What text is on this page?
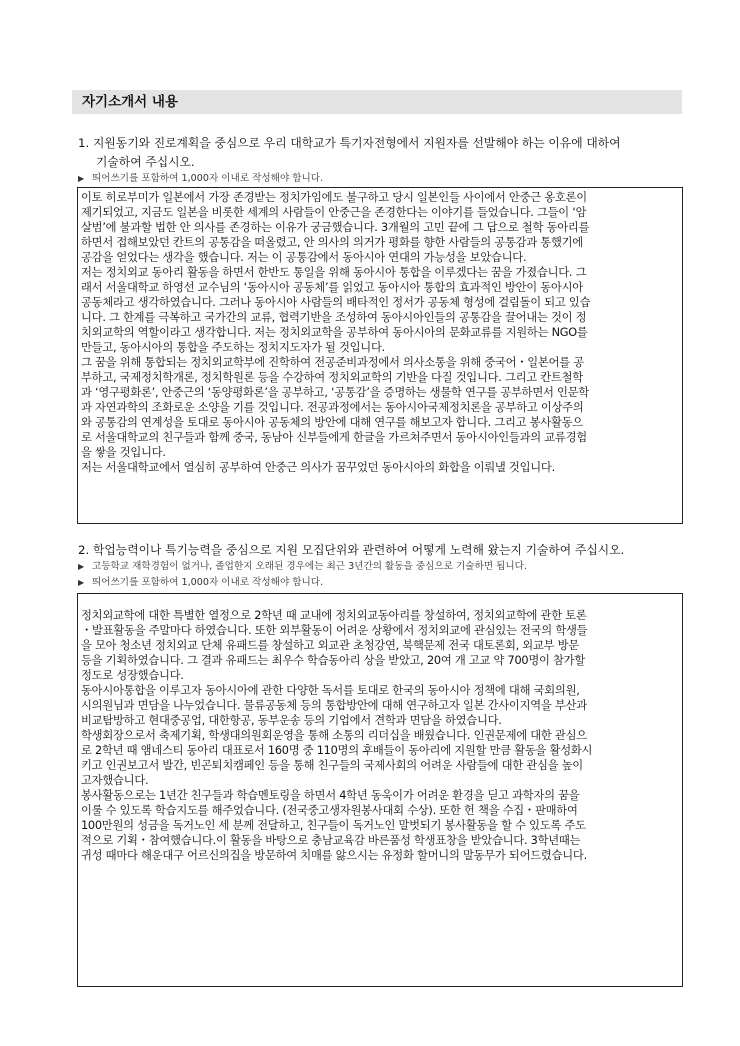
자기소개서 내용
1. 지원동기와 진로계획을 중심으로 우리 대학교가 특기자전형에서 지원자를 선발해야 하는 이유에 대하여
기술하여 주십시오.
▶ 띄어쓰기를 포함하여 1,000자 이내로 작성해야 합니다.

이토 히로부미가 일본에서 가장 존경받는 정치가임에도 불구하고 당시 일본인들 사이에서 안중근 옹호론이
제기되었고, 지금도 일본을 비롯한 세계의 사람들이 안중근을 존경한다는 이야기를 들었습니다. 그들이 ‘암
살범’에 불과할 법한 안 의사를 존경하는 이유가 궁금했습니다. 3개월의 고민 끝에 그 답으로 철학 동아리를
하면서 접해보았던 칸트의 공통감을 떠올렸고, 안 의사의 의거가 평화를 향한 사람들의 공통감과 통했기에
공감을 얻었다는 생각을 했습니다. 저는 이 공통감에서 동아시아 연대의 가능성을 보았습니다.

저는 정치외교 동아리 활동을 하면서 한반도 통일을 위해 동아시아 통합을 이루겠다는 꿈을 가졌습니다. 그
래서 서울대학교 하영선 교수님의 ‘동아시아 공동체’를 읽었고 동아시아 통합의 효과적인 방안이 동아시아
공동체라고 생각하였습니다. 그러나 동아시아 사람들의 배타적인 정서가 공동체 형성에 걸림돌이 되고 있습
니다. 그 한계를 극복하고 국가간의 교류, 협력기반을 조성하여 동아시아인들의 공통감을 끌어내는 것이 정
치외교학의 역할이라고 생각합니다. 저는 정치외교학을 공부하여 동아시아의 문화교류를 지원하는 NGO를
만들고, 동아시아의 통합을 주도하는 정치지도자가 될 것입니다.

그 꿈을 위해 통합되는 정치외교학부에 진학하여 전공준비과정에서 의사소통을 위해 중국어・일본어를 공
부하고, 국제정치학개론, 정치학원론 등을 수강하여 정치외교학의 기반을 다질 것입니다. 그리고 칸트철학
과 ‘영구평화론’, 안중근의 ‘동양평화론’을 공부하고, ‘공통감’을 증명하는 생물학 연구를 공부하면서 인문학
과 자연과학의 조화로운 소양을 기를 것입니다. 전공과정에서는 동아시아국제정치론을 공부하고 이상주의
와 공통감의 연계성을 토대로 동아시아 공동체의 방안에 대해 연구를 해보고자 합니다. 그리고 봉사활동으
로 서울대학교의 친구들과 함께 중국, 동남아 신부들에게 한글을 가르쳐주면서 동아시아인들과의 교류경험
을 쌓을 것입니다.

저는 서울대학교에서 열심히 공부하여 안중근 의사가 꿈꾸었던 동아시아의 화합을 이뤄낼 것입니다.

2. 학업능력이나 특기능력을 중심으로 지원 모집단위와 관련하여 어떻게 노력해 왔는지 기술하여 주십시오.
▶ 고등학교 재학경험이 없거나, 졸업한지 오래된 경우에는 최근 3년간의 활동을 중심으로 기술하면 됩니다.
▶ 띄어쓰기를 포함하여 1,000자 이내로 작성해야 합니다.

정치외교학에 대한 특별한 열정으로 2학년 때 교내에 정치외교동아리를 창설하여, 정치외교학에 관한 토론
・발표활동을 주말마다 하였습니다. 또한 외부활동이 어려운 상황에서 정치외교에 관심있는 전국의 학생들
을 모아 청소년 정치외교 단체 유패드를 창설하고 외교관 초청강연, 북핵문제 전국 대토론회, 외교부 방문
등을 기획하였습니다. 그 결과 유패드는 최우수 학습동아리 상을 받았고, 20여 개 고교 약 700명이 참가할
정도로 성장했습니다.

동아시아통합을 이루고자 동아시아에 관한 다양한 독서를 토대로 한국의 동아시아 정책에 대해 국회의원,
시의원님과 면담을 나누었습니다. 물류공동체 등의 통합방안에 대해 연구하고자 일본 간사이지역을 부산과
비교탐방하고 현대중공업, 대한항공, 동부운송 등의 기업에서 견학과 면담을 하였습니다.

학생회장으로서 축제기획, 학생대의원회운영을 통해 소통의 리더십을 배웠습니다. 인권문제에 대한 관심으
로 2학년 때 앰네스티 동아리 대표로서 160명 중 110명의 후배들이 동아리에 지원할 만큼 활동을 활성화시
키고 인권보고서 발간, 빈곤퇴치캠페인 등을 통해 친구들의 국제사회의 어려운 사람들에 대한 관심을 높이
고자했습니다.

봉사활동으로는 1년간 친구들과 학습멘토링을 하면서 4학년 동욱이가 어려운 환경을 딛고 과학자의 꿈을
이룰 수 있도록 학습지도를 해주었습니다. (전국중고생자원봉사대회 수상). 또한 헌 책을 수집・판매하여
100만원의 성금을 독거노인 세 분께 전달하고, 친구들이 독거노인 말벗되기 봉사활동을 할 수 있도록 주도
적으로 기획・참여했습니다.이 활동을 바탕으로 충남교육감 바른품성 학생표창을 받았습니다. 3학년때는
귀성 때마다 해운대구 어르신의집을 방문하여 치매를 앓으시는 유정화 할머니의 말동무가 되어드렸습니다.
